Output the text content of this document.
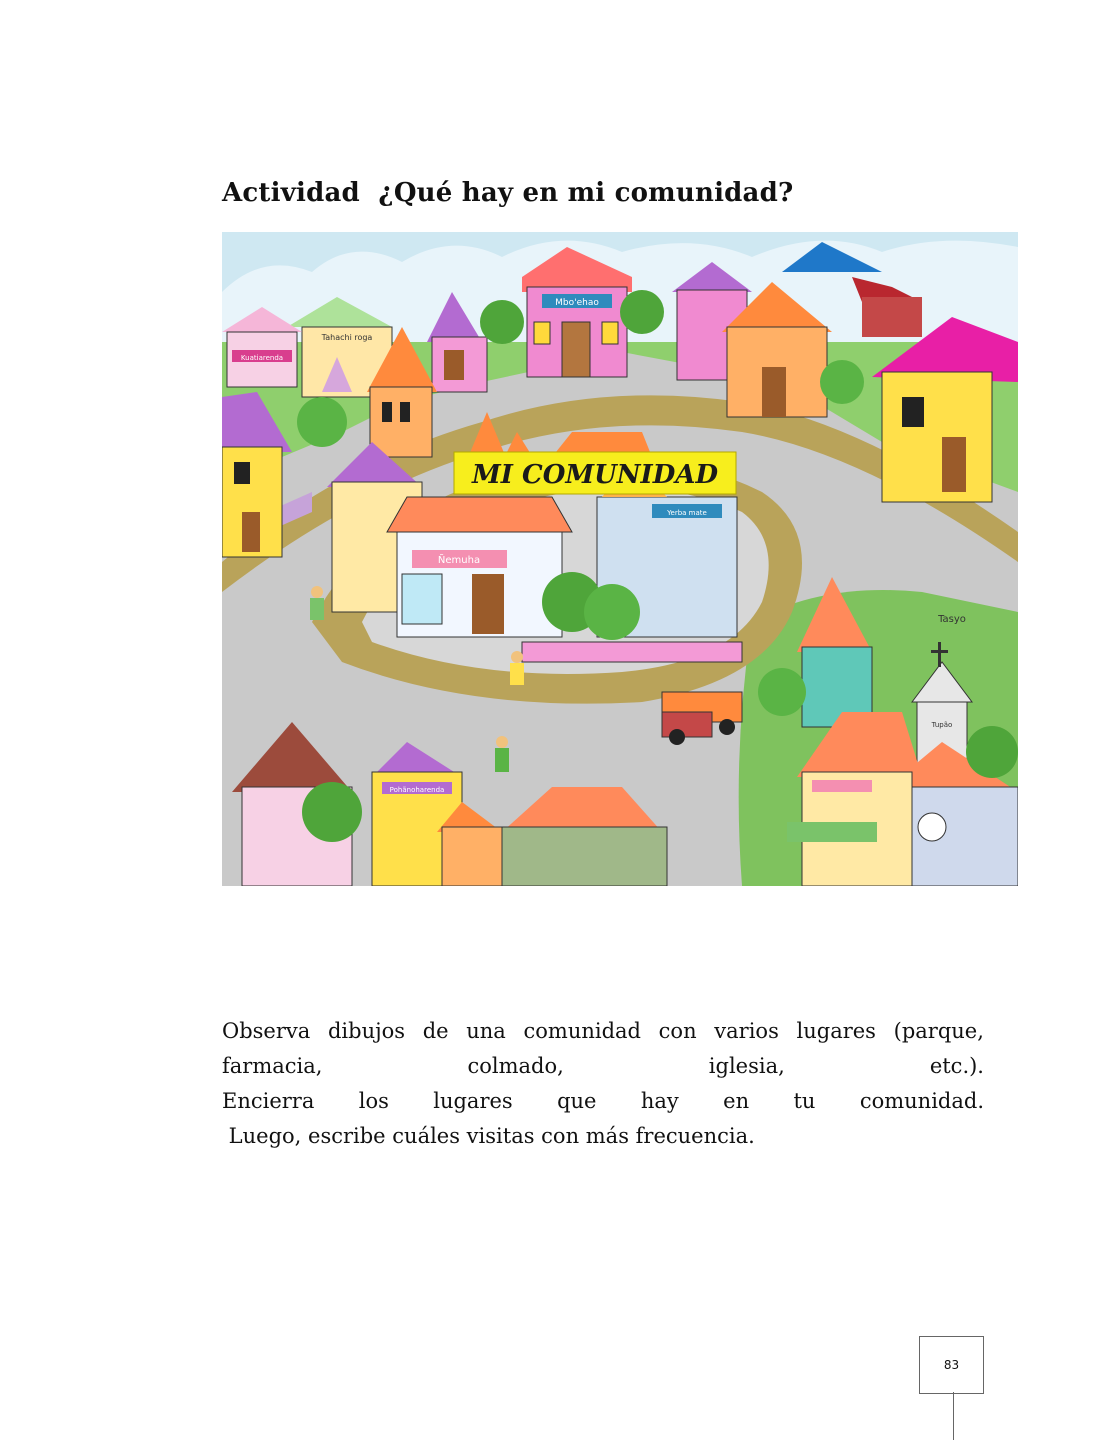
Actividad  ¿Qué hay en mi comunidad?
Mbo'ehao
Tahachi roga
Kuatiarenda
Ñemuha
Yerba mate
MI COMUNIDAD
Tupão
Tasyo
Pohãnoharenda
Observa dibujos de una comunidad con varios lugares (parque,
farmacia,	colmado,	iglesia,	etc.).
Encierra los lugares que hay en tu comunidad.

Luego, escribe cuáles visitas con más frecuencia.

83
